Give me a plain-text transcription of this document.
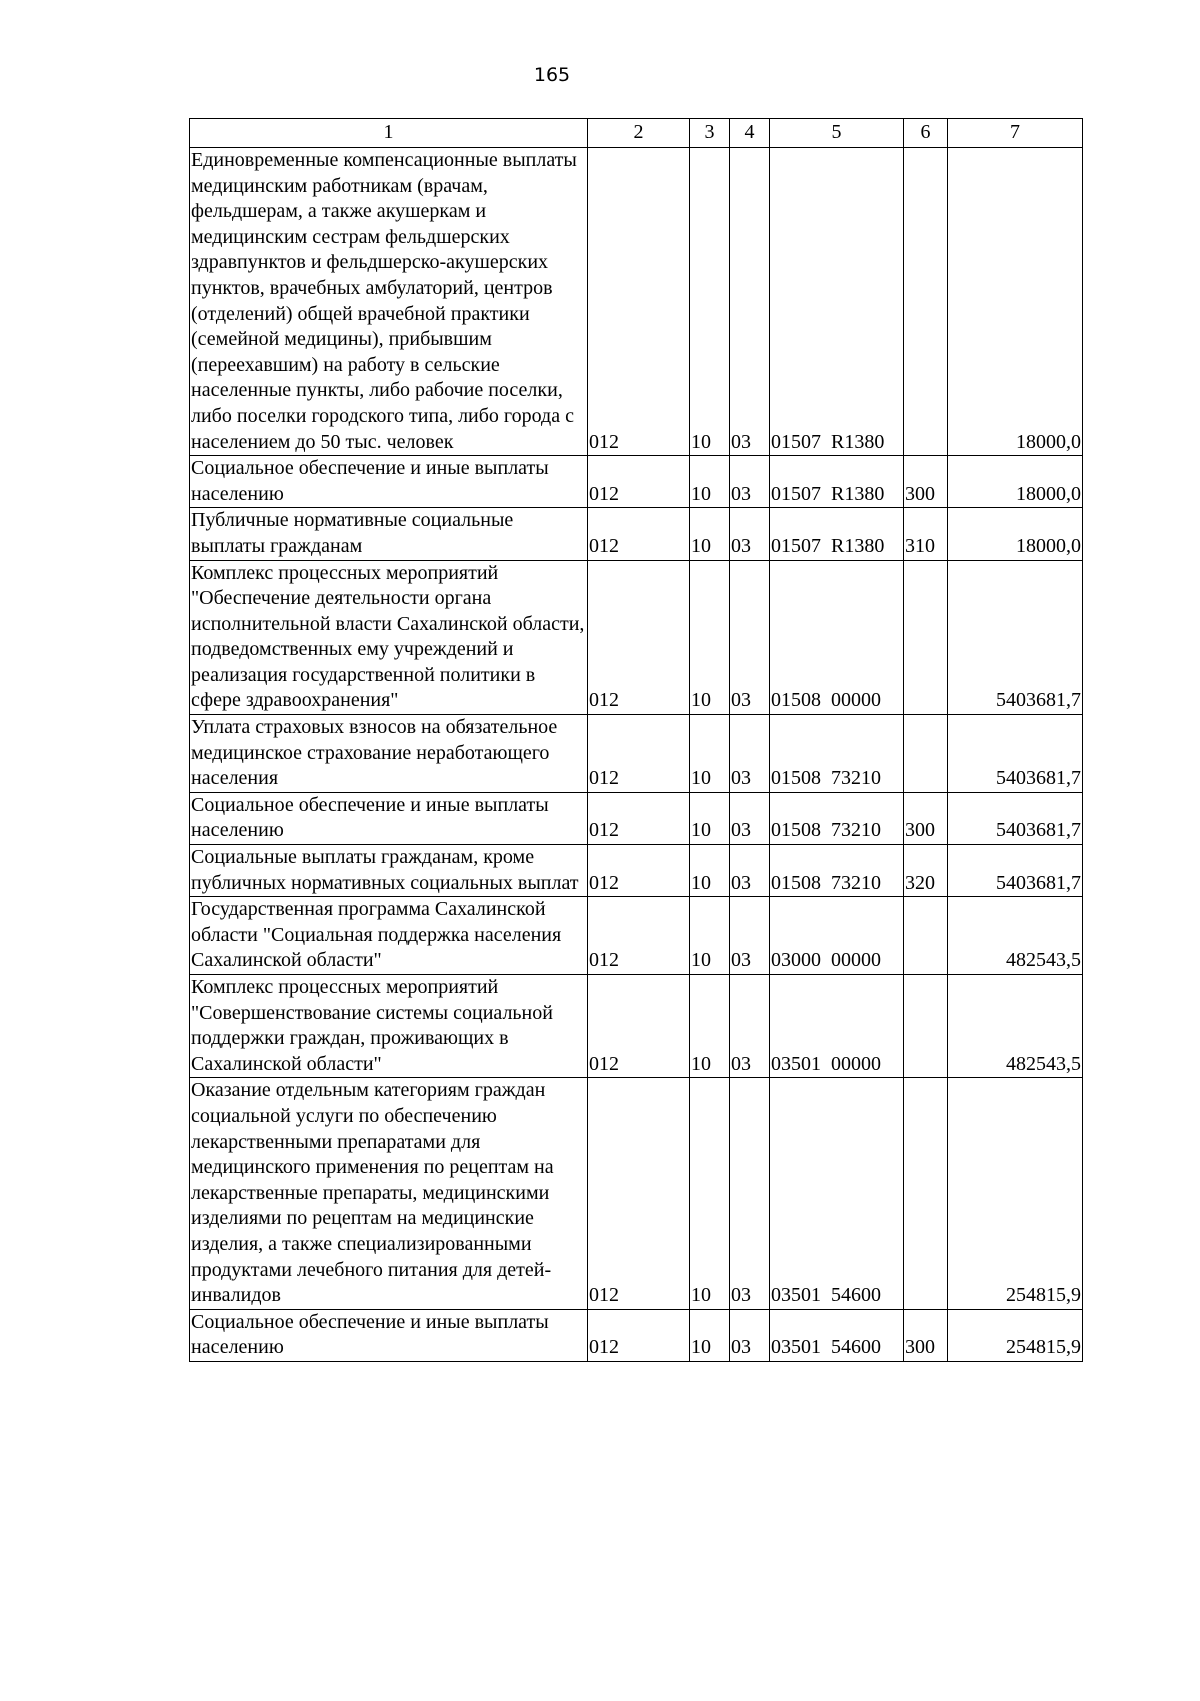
165
1	2	3	4	5	6	7
Единовременные компенсационные выплаты медицинским работникам (врачам, фельдшерам, а также акушеркам и медицинским сестрам фельдшерских здравпунктов и фельдшерско-акушерских пунктов, врачебных амбулаторий, центров (отделений) общей врачебной практики (семейной медицины), прибывшим (переехавшим) на работу в сельские населенные пункты, либо рабочие поселки, либо поселки городского типа, либо города с населением до 50 тыс. человек	012	10	03	01507  R1380		18000,0
Социальное обеспечение и иные выплаты населению	012	10	03	01507  R1380	300	18000,0
Публичные нормативные социальные выплаты гражданам	012	10	03	01507  R1380	310	18000,0
Комплекс процессных мероприятий "Обеспечение деятельности органа исполнительной власти Сахалинской области, подведомственных ему учреждений и реализация государственной политики в сфере здравоохранения"	012	10	03	01508  00000		5403681,7
Уплата страховых взносов на обязательное медицинское страхование неработающего населения	012	10	03	01508  73210		5403681,7
Социальное обеспечение и иные выплаты населению	012	10	03	01508  73210	300	5403681,7
Социальные выплаты гражданам, кроме публичных нормативных социальных выплат	012	10	03	01508  73210	320	5403681,7
Государственная программа Сахалинской области "Социальная поддержка населения Сахалинской области"	012	10	03	03000  00000		482543,5
Комплекс процессных мероприятий "Совершенствование системы социальной поддержки граждан, проживающих в Сахалинской области"	012	10	03	03501  00000		482543,5
Оказание отдельным категориям граждан социальной услуги по обеспечению лекарственными препаратами для медицинского применения по рецептам на лекарственные препараты, медицинскими изделиями по рецептам на медицинские изделия, а также специализированными продуктами лечебного питания для детей-инвалидов	012	10	03	03501  54600		254815,9
Социальное обеспечение и иные выплаты населению	012	10	03	03501  54600	300	254815,9
